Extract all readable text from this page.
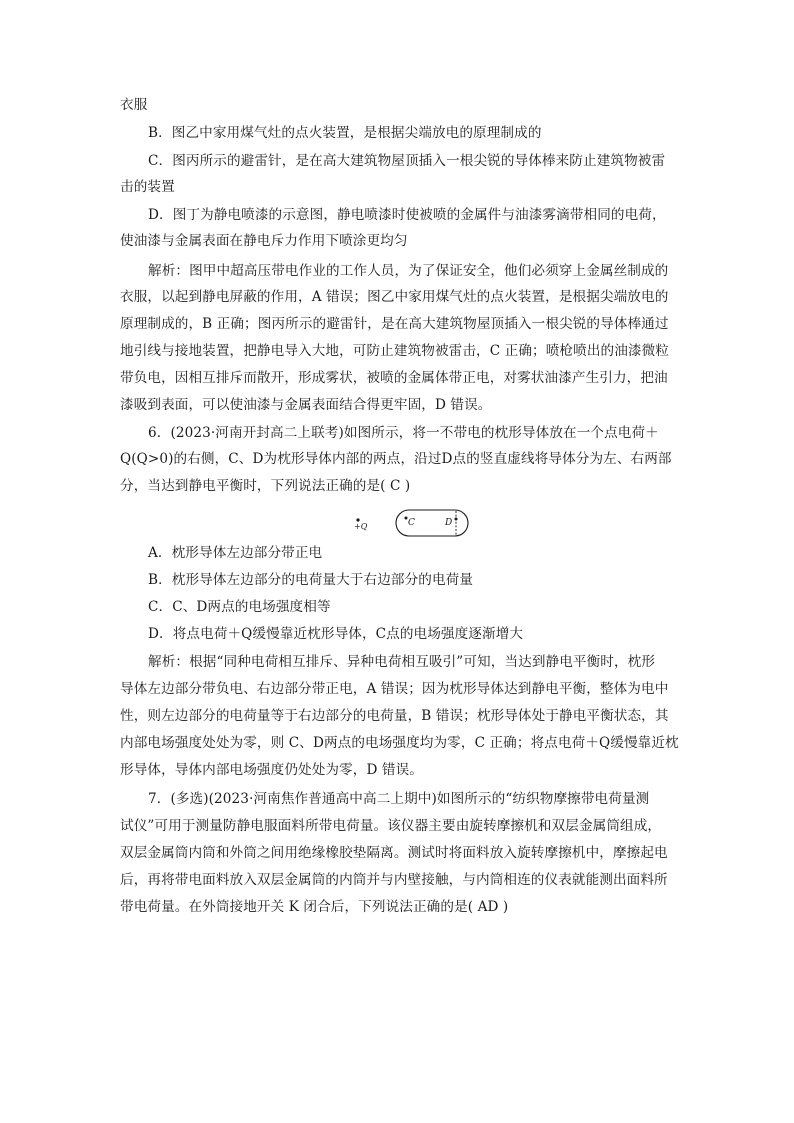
衣服
B．图乙中家用煤气灶的点火装置，是根据尖端放电的原理制成的
C．图丙所示的避雷针，是在高大建筑物屋顶插入一根尖锐的导体棒来防止建筑物被雷
击的装置
D．图丁为静电喷漆的示意图，静电喷漆时使被喷的金属件与油漆雾滴带相同的电荷，
使油漆与金属表面在静电斥力作用下喷涂更均匀
解析：图甲中超高压带电作业的工作人员，为了保证安全，他们必须穿上金属丝制成的
衣服，以起到静电屏蔽的作用，A 错误；图乙中家用煤气灶的点火装置，是根据尖端放电的
原理制成的，B 正确；图丙所示的避雷针，是在高大建筑物屋顶插入一根尖锐的导体棒通过
地引线与接地装置，把静电导入大地，可防止建筑物被雷击，C 正确；喷枪喷出的油漆微粒
带负电，因相互排斥而散开，形成雾状，被喷的金属体带正电，对雾状油漆产生引力，把油
漆吸到表面，可以使油漆与金属表面结合得更牢固，D 错误。
6．(2023·河南开封高二上联考)如图所示，将一不带电的枕形导体放在一个点电荷＋
Q(Q>0)的右侧，C、D为枕形导体内部的两点，沿过D点的竖直虚线将导体分为左、右两部
分，当达到静电平衡时，下列说法正确的是( C )
+Q	C	D
A．枕形导体左边部分带正电
B．枕形导体左边部分的电荷量大于右边部分的电荷量
C．C、D两点的电场强度相等
D．将点电荷＋Q缓慢靠近枕形导体，C点的电场强度逐渐增大
解析：根据“同种电荷相互排斥、异种电荷相互吸引”可知，当达到静电平衡时，枕形
导体左边部分带负电、右边部分带正电，A 错误；因为枕形导体达到静电平衡，整体为电中
性，则左边部分的电荷量等于右边部分的电荷量，B 错误；枕形导体处于静电平衡状态，其
内部电场强度处处为零，则 C、D两点的电场强度均为零，C 正确；将点电荷＋Q缓慢靠近枕
形导体，导体内部电场强度仍处处为零，D 错误。
7．(多选)(2023·河南焦作普通高中高二上期中)如图所示的“纺织物摩擦带电荷量测
试仪”可用于测量防静电服面料所带电荷量。该仪器主要由旋转摩擦机和双层金属筒组成，
双层金属筒内筒和外筒之间用绝缘橡胶垫隔离。测试时将面料放入旋转摩擦机中，摩擦起电
后，再将带电面料放入双层金属筒的内筒并与内壁接触，与内筒相连的仪表就能测出面料所
带电荷量。在外筒接地开关 K 闭合后，下列说法正确的是( AD )
